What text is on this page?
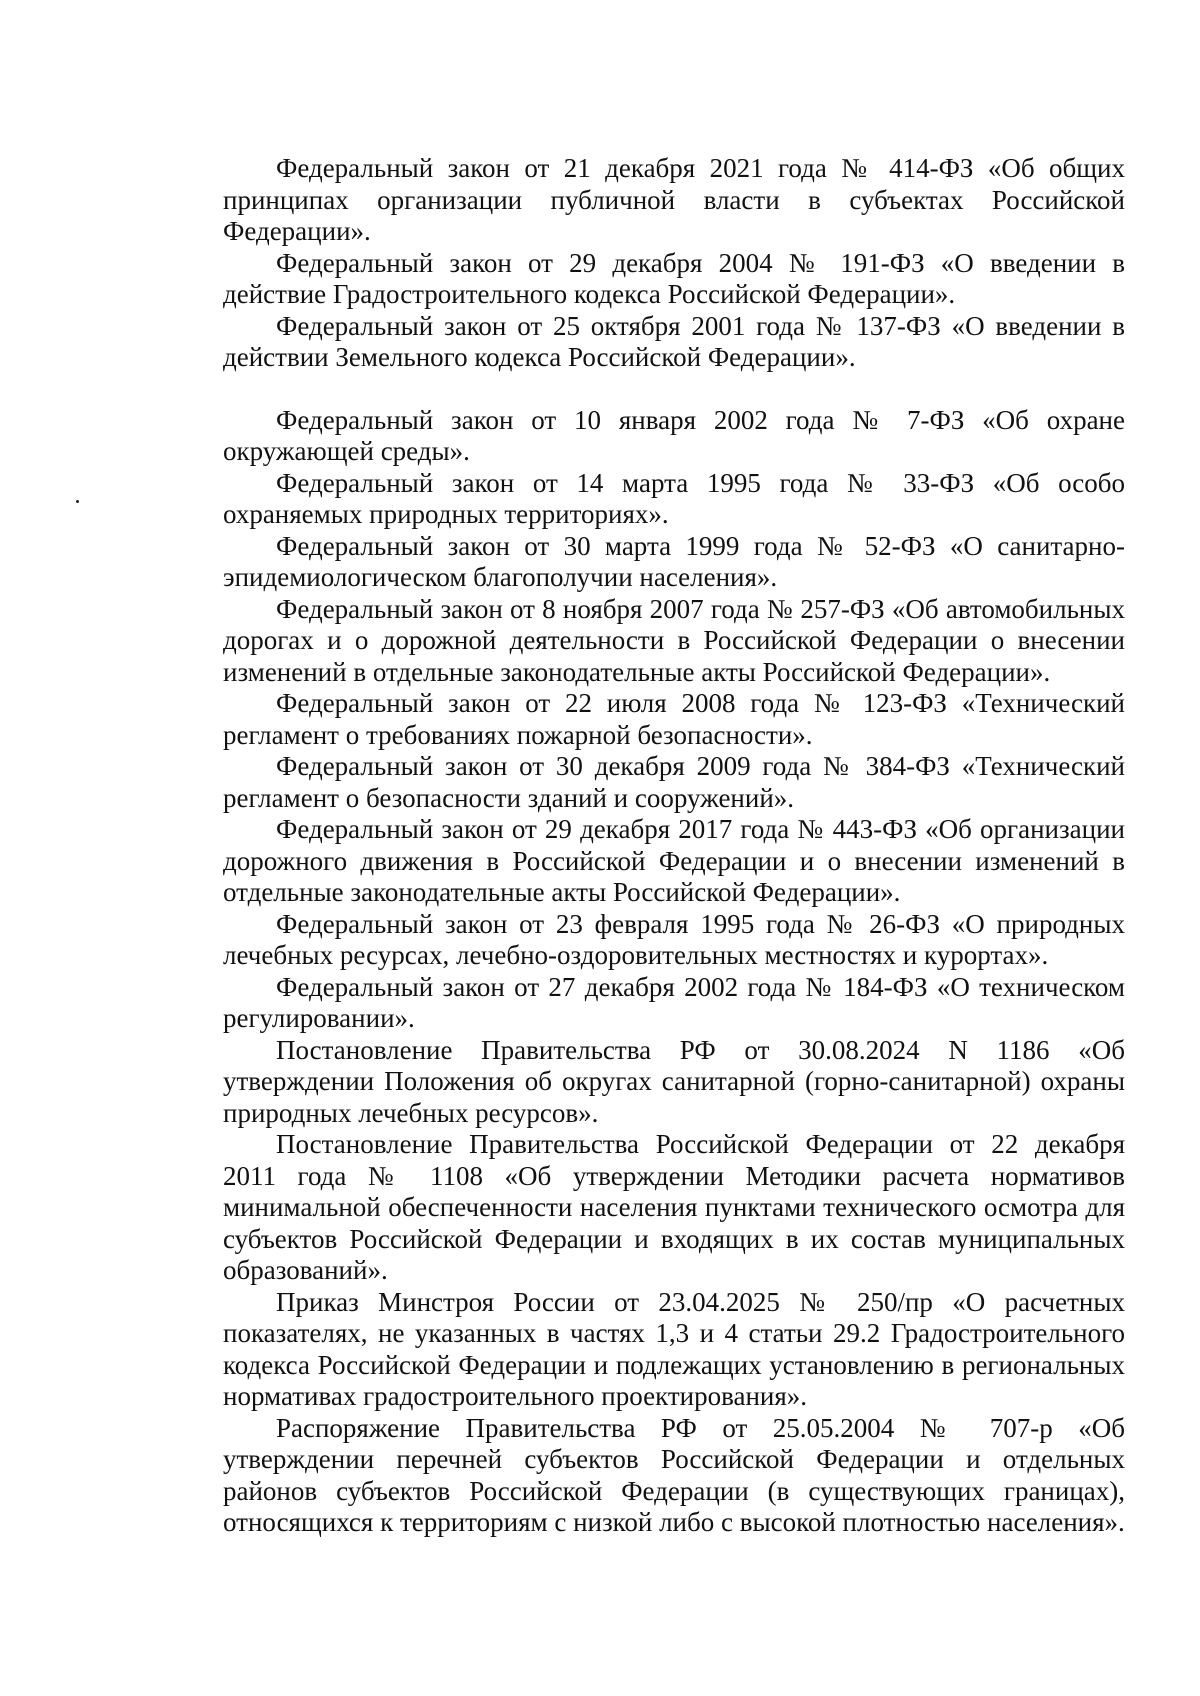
Федеральный закон от 21 декабря 2021 года № 414-ФЗ «Об общих принципах организации публичной власти в субъектах Российской Федерации».

Федеральный закон от 29 декабря 2004 № 191-ФЗ «О введении в действие Градостроительного кодекса Российской Федерации».

Федеральный закон от 25 октября 2001 года № 137-ФЗ «О введении в действии Земельного кодекса Российской Федерации».

Федеральный закон от 10 января 2002 года № 7-ФЗ «Об охране окружающей среды».

Федеральный закон от 14 марта 1995 года № 33-ФЗ «Об особо охраняемых природных территориях».

Федеральный закон от 30 марта 1999 года № 52-ФЗ «О санитарно-эпидемиологическом благополучии населения».

Федеральный закон от 8 ноября 2007 года № 257-ФЗ «Об автомобильных дорогах и о дорожной деятельности в Российской Федерации о внесении изменений в отдельные законодательные акты Российской Федерации».

Федеральный закон от 22 июля 2008 года № 123-ФЗ «Технический регламент о требованиях пожарной безопасности».

Федеральный закон от 30 декабря 2009 года № 384-ФЗ «Технический регламент о безопасности зданий и сооружений».

Федеральный закон от 29 декабря 2017 года № 443-ФЗ «Об организации дорожного движения в Российской Федерации и о внесении изменений в отдельные законодательные акты Российской Федерации».

Федеральный закон от 23 февраля 1995 года № 26-ФЗ «О природных лечебных ресурсах, лечебно-оздоровительных местностях и курортах».

Федеральный закон от 27 декабря 2002 года № 184-ФЗ «О техническом регулировании».

Постановление Правительства РФ от 30.08.2024 N 1186 «Об утверждении Положения об округах санитарной (горно-санитарной) охраны природных лечебных ресурсов».

Постановление Правительства Российской Федерации от 22 декабря 2011 года № 1108 «Об утверждении Методики расчета нормативов минимальной обеспеченности населения пунктами технического осмотра для субъектов Российской Федерации и входящих в их состав муниципальных образований».

Приказ Минстроя России от 23.04.2025 № 250/пр «О расчетных показателях, не указанных в частях 1,3 и 4 статьи 29.2 Градостроительного кодекса Российской Федерации и подлежащих установлению в региональных нормативах градостроительного проектирования».

Распоряжение Правительства РФ от 25.05.2004 № 707-р «Об утверждении перечней субъектов Российской Федерации и отдельных районов субъектов Российской Федерации (в существующих границах), относящихся к территориям с низкой либо с высокой плотностью населения».
